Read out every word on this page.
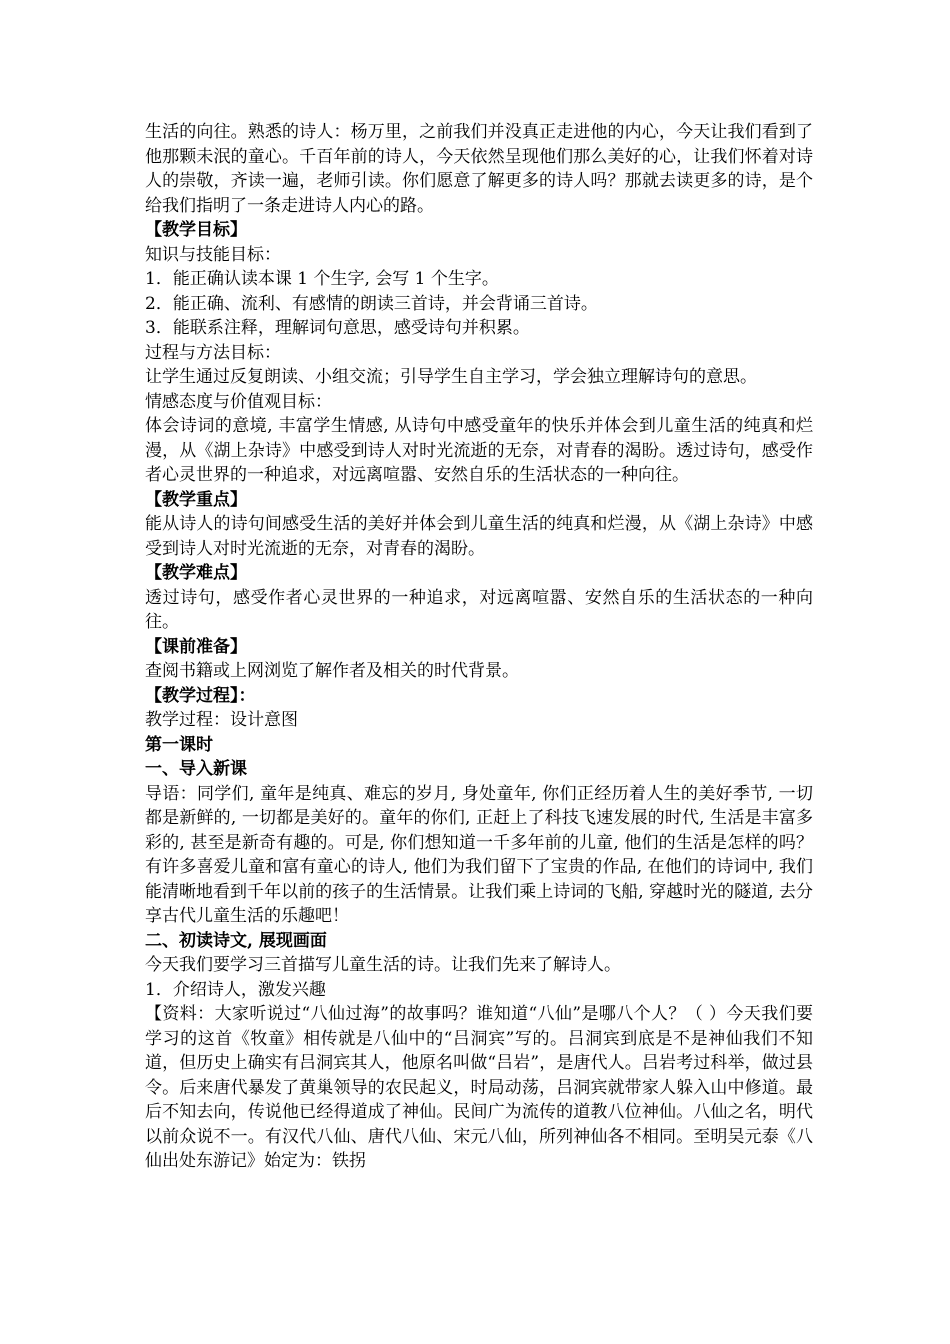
生活的向往。熟悉的诗人：杨万里，之前我们并没真正走进他的内心，今天让我们看到了他那颗未泯的童心。千百年前的诗人，今天依然呈现他们那么美好的心，让我们怀着对诗人的崇敬，齐读一遍，老师引读。你们愿意了解更多的诗人吗？那就去读更多的诗，是个给我们指明了一条走进诗人内心的路。

【教学目标】

知识与技能目标：

1．能正确认读本课 1 个生字, 会写 1 个生字。

2．能正确、流利、有感情的朗读三首诗，并会背诵三首诗。

3．能联系注释，理解词句意思，感受诗句并积累。

过程与方法目标：

让学生通过反复朗读、小组交流；引导学生自主学习，学会独立理解诗句的意思。

情感态度与价值观目标：

体会诗词的意境, 丰富学生情感, 从诗句中感受童年的快乐并体会到儿童生活的纯真和烂漫，从《湖上杂诗》中感受到诗人对时光流逝的无奈，对青春的渴盼。透过诗句，感受作者心灵世界的一种追求，对远离喧嚣、安然自乐的生活状态的一种向往。

【教学重点】

能从诗人的诗句间感受生活的美好并体会到儿童生活的纯真和烂漫，从《湖上杂诗》中感受到诗人对时光流逝的无奈，对青春的渴盼。

【教学难点】

透过诗句，感受作者心灵世界的一种追求，对远离喧嚣、安然自乐的生活状态的一种向往。

【课前准备】

查阅书籍或上网浏览了解作者及相关的时代背景。

【教学过程】：

教学过程：设计意图

第一课时

一、导入新课

导语：同学们, 童年是纯真、难忘的岁月, 身处童年, 你们正经历着人生的美好季节, 一切都是新鲜的, 一切都是美好的。童年的你们, 正赶上了科技飞速发展的时代, 生活是丰富多彩的, 甚至是新奇有趣的。可是, 你们想知道一千多年前的儿童, 他们的生活是怎样的吗？有许多喜爱儿童和富有童心的诗人, 他们为我们留下了宝贵的作品, 在他们的诗词中, 我们能清晰地看到千年以前的孩子的生活情景。让我们乘上诗词的飞船, 穿越时光的隧道, 去分享古代儿童生活的乐趣吧！

二、初读诗文, 展现画面

今天我们要学习三首描写儿童生活的诗。让我们先来了解诗人。

1．介绍诗人，激发兴趣

【资料：大家听说过“八仙过海”的故事吗？谁知道“八仙”是哪八个人？（ ）今天我们要学习的这首《牧童》相传就是八仙中的“吕洞宾”写的。吕洞宾到底是不是神仙我们不知道，但历史上确实有吕洞宾其人，他原名叫做“吕岩”，是唐代人。吕岩考过科举，做过县令。后来唐代暴发了黄巢领导的农民起义，时局动荡，吕洞宾就带家人躲入山中修道。最后不知去向，传说他已经得道成了神仙。民间广为流传的道教八位神仙。八仙之名，明代以前众说不一。有汉代八仙、唐代八仙、宋元八仙，所列神仙各不相同。至明吴元泰《八仙出处东游记》始定为：铁拐
